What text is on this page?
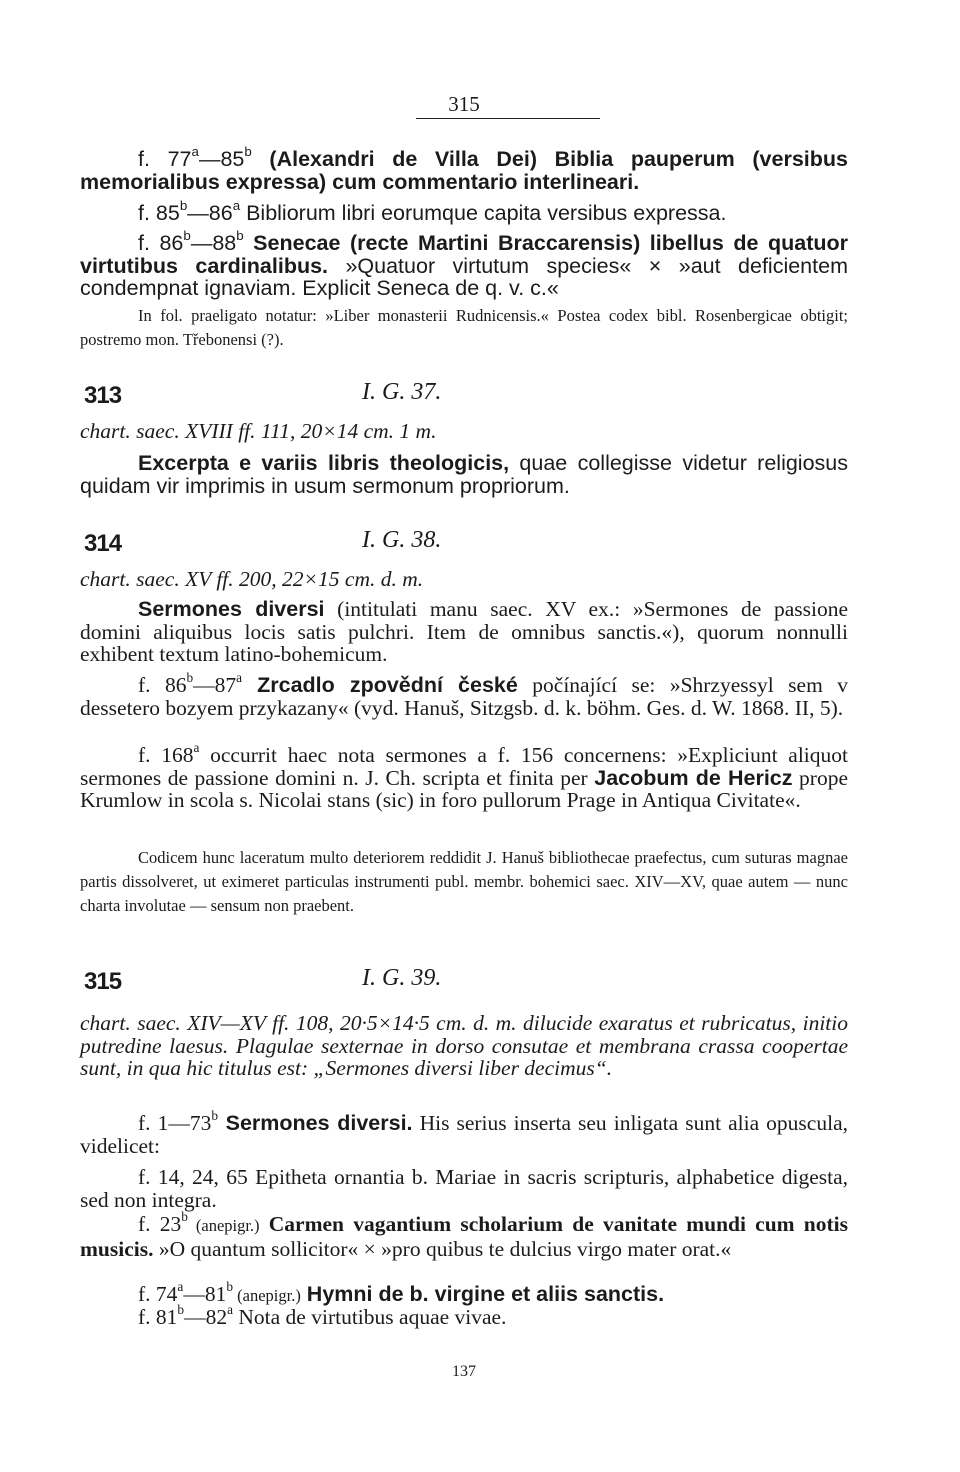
315
f. 77$^a$—85$^b$ (Alexandri de Villa Dei) Biblia pauperum (versibus memorialibus expressa) cum commentario interlineari.
f. 85$^b$—86$^a$ Bibliorum libri eorumque capita versibus expressa.
f. 86$^b$—88$^b$ Senecae (recte Martini Braccarensis) libellus de quatuor virtutibus cardinalibus. »Quatuor virtutum species« × »aut deficientem condempnat ignaviam. Explicit Seneca de q. v. c.«
In fol. praeligato notatur: »Liber monasterii Rudnicensis.« Postea codex bibl. Rosenbergicae obtigit; postremo mon. Třebonensi (?).
313	I. G. 37.
chart. saec. XVIII ff. 111, 20×14 cm. 1 m.
Excerpta e variis libris theologicis, quae collegisse videtur religiosus quidam vir imprimis in usum sermonum propriorum.
314	I. G. 38.
chart. saec. XV ff. 200, 22×15 cm. d. m.
Sermones diversi (intitulati manu saec. XV ex.: »Sermones de passione domini aliquibus locis satis pulchri. Item de omnibus sanctis.«), quorum nonnulli exhibent textum latino-bohemicum.
f. 86$^b$—87$^a$ Zrcadlo zpovědní české počínající se: »Shrzyessyl sem v dessetero bozyem przykazany« (vyd. Hanuš, Sitzgsb. d. k. böhm. Ges. d. W. 1868. II, 5).
f. 168$^a$ occurrit haec nota sermones a f. 156 concernens: »Expliciunt aliquot sermones de passione domini n. J. Ch. scripta et finita per Jacobum de Hericz prope Krumlow in scola s. Nicolai stans (sic) in foro pullorum Prage in Antiqua Civitate«.
Codicem hunc laceratum multo deteriorem reddidit J. Hanuš bibliothecae praefectus, cum suturas magnae partis dissolveret, ut eximeret particulas instrumenti publ. membr. bohemici saec. XIV—XV, quae autem — nunc charta involutae — sensum non praebent.
315	I. G. 39.
chart. saec. XIV—XV ff. 108, 20·5×14·5 cm. d. m. dilucide exaratus et rubricatus, initio putredine laesus. Plagulae sexternae in dorso consutae et membrana crassa coopertae sunt, in qua hic titulus est: „Sermones diversi liber decimus“.
f. 1—73$^b$ Sermones diversi. His serius inserta seu inligata sunt alia opuscula, videlicet:
f. 14, 24, 65 Epitheta ornantia b. Mariae in sacris scripturis, alphabetice digesta, sed non integra.
f. 23$^b$ (anepigr.) Carmen vagantium scholarium de vanitate mundi cum notis musicis. »O quantum sollicitor« × »pro quibus te dulcius virgo mater orat.«
f. 74$^a$—81$^b$ (anepigr.) Hymni de b. virgine et aliis sanctis.
f. 81$^b$—82$^a$ Nota de virtutibus aquae vivae.
137
